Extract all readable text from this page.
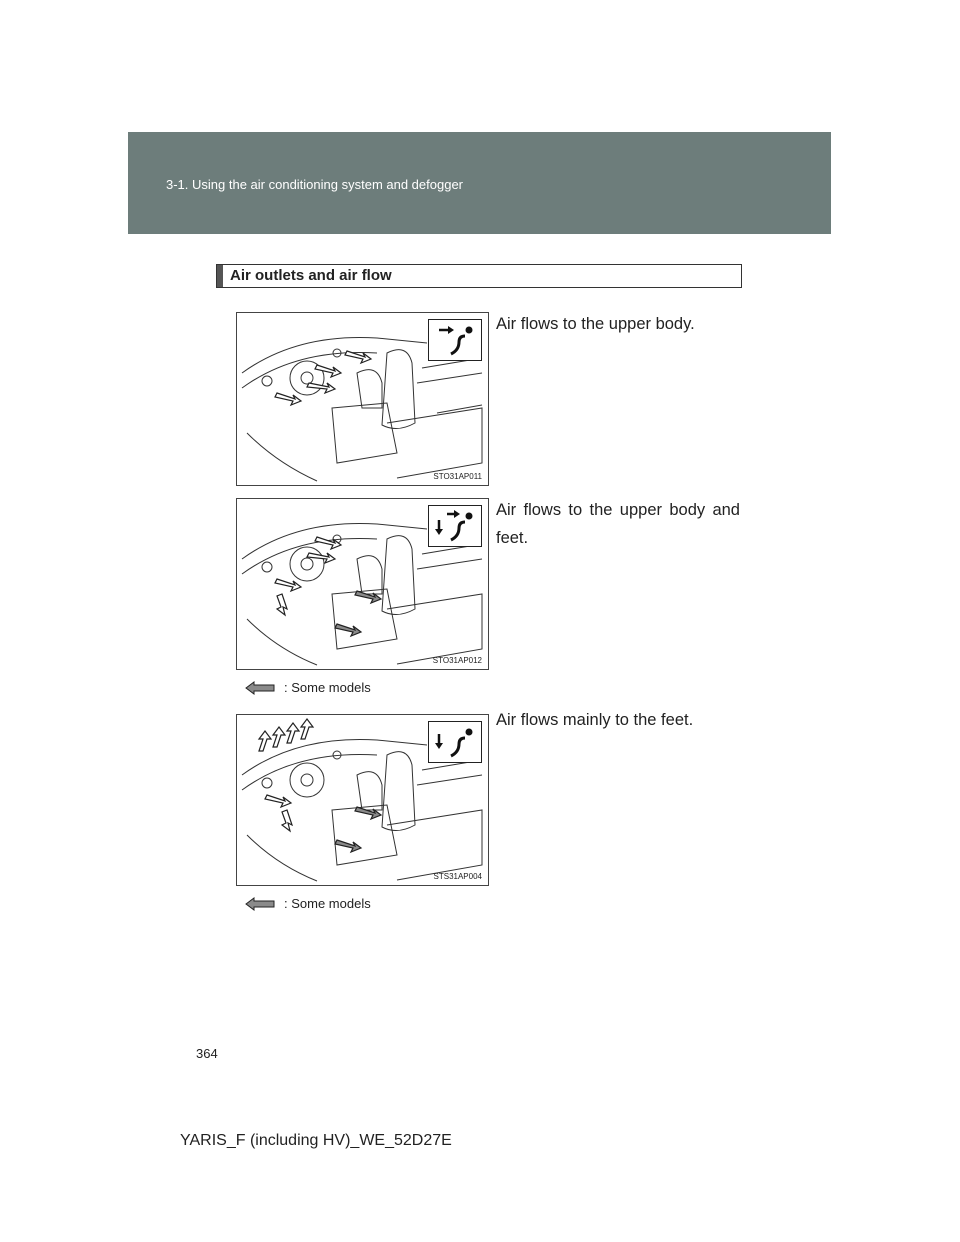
3-1. Using the air conditioning system and defogger
Air outlets and air flow
STO31AP011
Air flows to the upper body.
STO31AP012
Air flows to the upper body and feet.
: Some models
STS31AP004
Air flows mainly to the feet.
: Some models
364
YARIS_F (including HV)_WE_52D27E
